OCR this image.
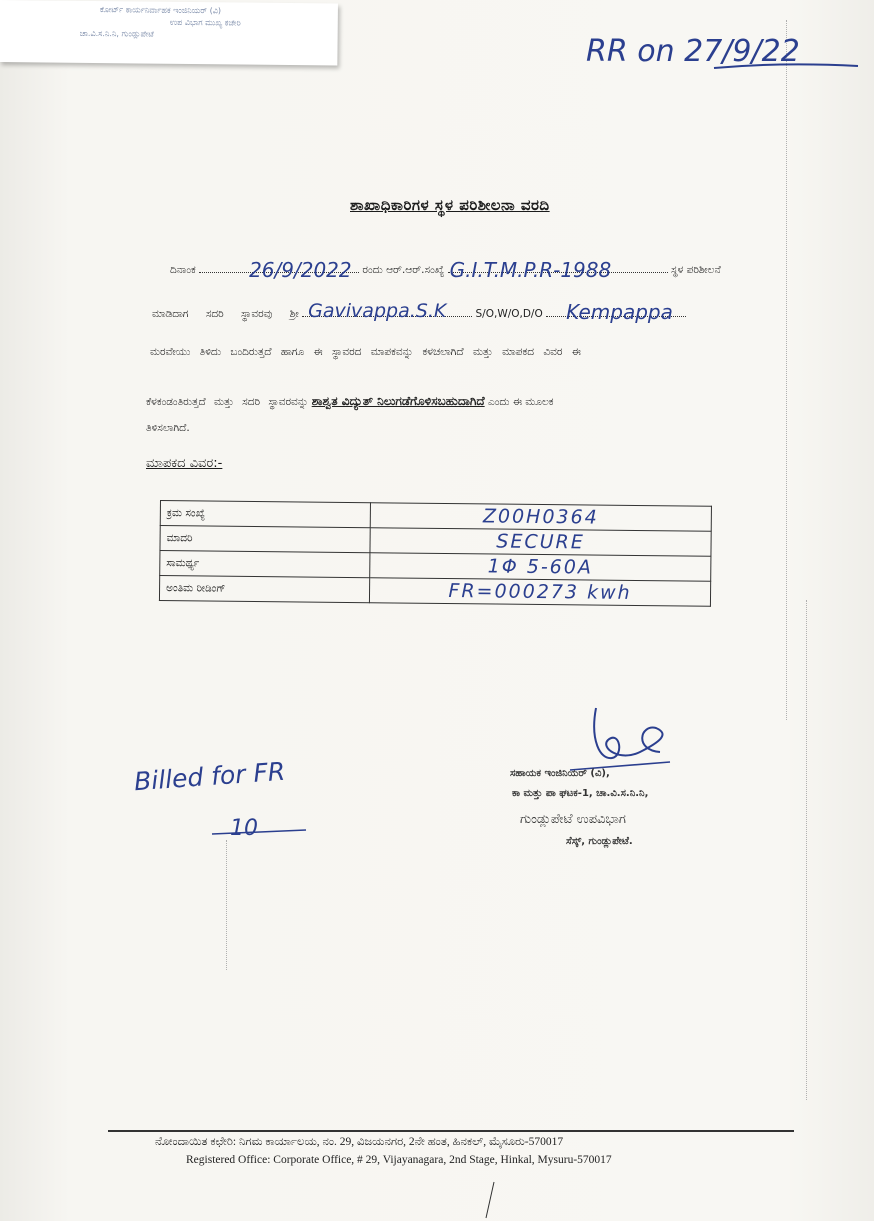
ಕೋರ್ಟ್ ಕಾರ್ಯನಿರ್ವಾಹಕ ಇಂಜಿನಿಯರ್ (ವಿ)
ಉಪ ವಿಭಾಗ ಮುಖ್ಯ ಕಚೇರಿ
ಚಾ.ವಿ.ಸ.ನಿ.ನಿ, ಗುಂಡ್ಲುಪೇಟೆ
RR on 27/9/22
ಶಾಖಾಧಿಕಾರಿಗಳ ಸ್ಥಳ ಪರಿಶೀಲನಾ ವರದಿ
ದಿನಾಂಕ	26/9/2022 ರಂದು ಆರ್.ಆರ್.ಸಂಖ್ಯೆ G.I.T.M.P.R-1988	ಸ್ಥಳ ಪರಿಶೀಲನೆ
ಮಾಡಿದಾಗ ಸದರಿ ಸ್ಥಾವರವು ಶ್ರೀ Gavivappa.S.K	S/O,W/O,D/O Kempappa
ಮರವೇಯು ತಿಳಿದು ಬಂದಿರುತ್ತದೆ ಹಾಗೂ ಈ ಸ್ಥಾವರದ ಮಾಪಕವನ್ನು ಕಳಚಲಾಗಿದೆ ಮತ್ತು ಮಾಪಕದ ವಿವರ ಈ
ಕೆಳಕಂಡಂತಿರುತ್ತದೆ ಮತ್ತು ಸದರಿ ಸ್ಥಾವರವನ್ನು ಶಾಶ್ವತ ವಿದ್ಯುತ್ ನಿಲುಗಡೆಗೊಳಿಸಬಹುದಾಗಿದೆ ಎಂದು ಈ ಮೂಲಕ
ತಿಳಿಸಲಾಗಿದೆ.
ಮಾಪಕದ ವಿವರ:-
ಕ್ರಮ ಸಂಖ್ಯೆ	Z00H0364
ಮಾದರಿ	SECURE
ಸಾಮರ್ಥ್ಯ	1Φ 5-60A
ಅಂತಿಮ ರೀಡಿಂಗ್	FR=000273 kwh
ಸಹಾಯಕ ಇಂಜಿನಿಯರ್ (ವಿ),
ಕಾ ಮತ್ತು ಪಾ ಘಟಕ-1, ಚಾ.ವಿ.ಸ.ನಿ.ನಿ,
ಗುಂಡ್ಲುಪೇಟೆ ಉಪವಿಭಾಗ
ಸೆಸ್ಕ್, ಗುಂಡ್ಲುಪೇಟೆ.
Billed for FR
10
ನೋಂದಾಯಿತ ಕಛೇರಿ: ನಿಗಮ ಕಾರ್ಯಾಲಯ, ನಂ. 29, ವಿಜಯನಗರ, 2ನೇ ಹಂತ, ಹಿನಕಲ್, ಮೈಸೂರು-570017
Registered Office: Corporate Office, # 29, Vijayanagara, 2nd Stage, Hinkal, Mysuru-570017
